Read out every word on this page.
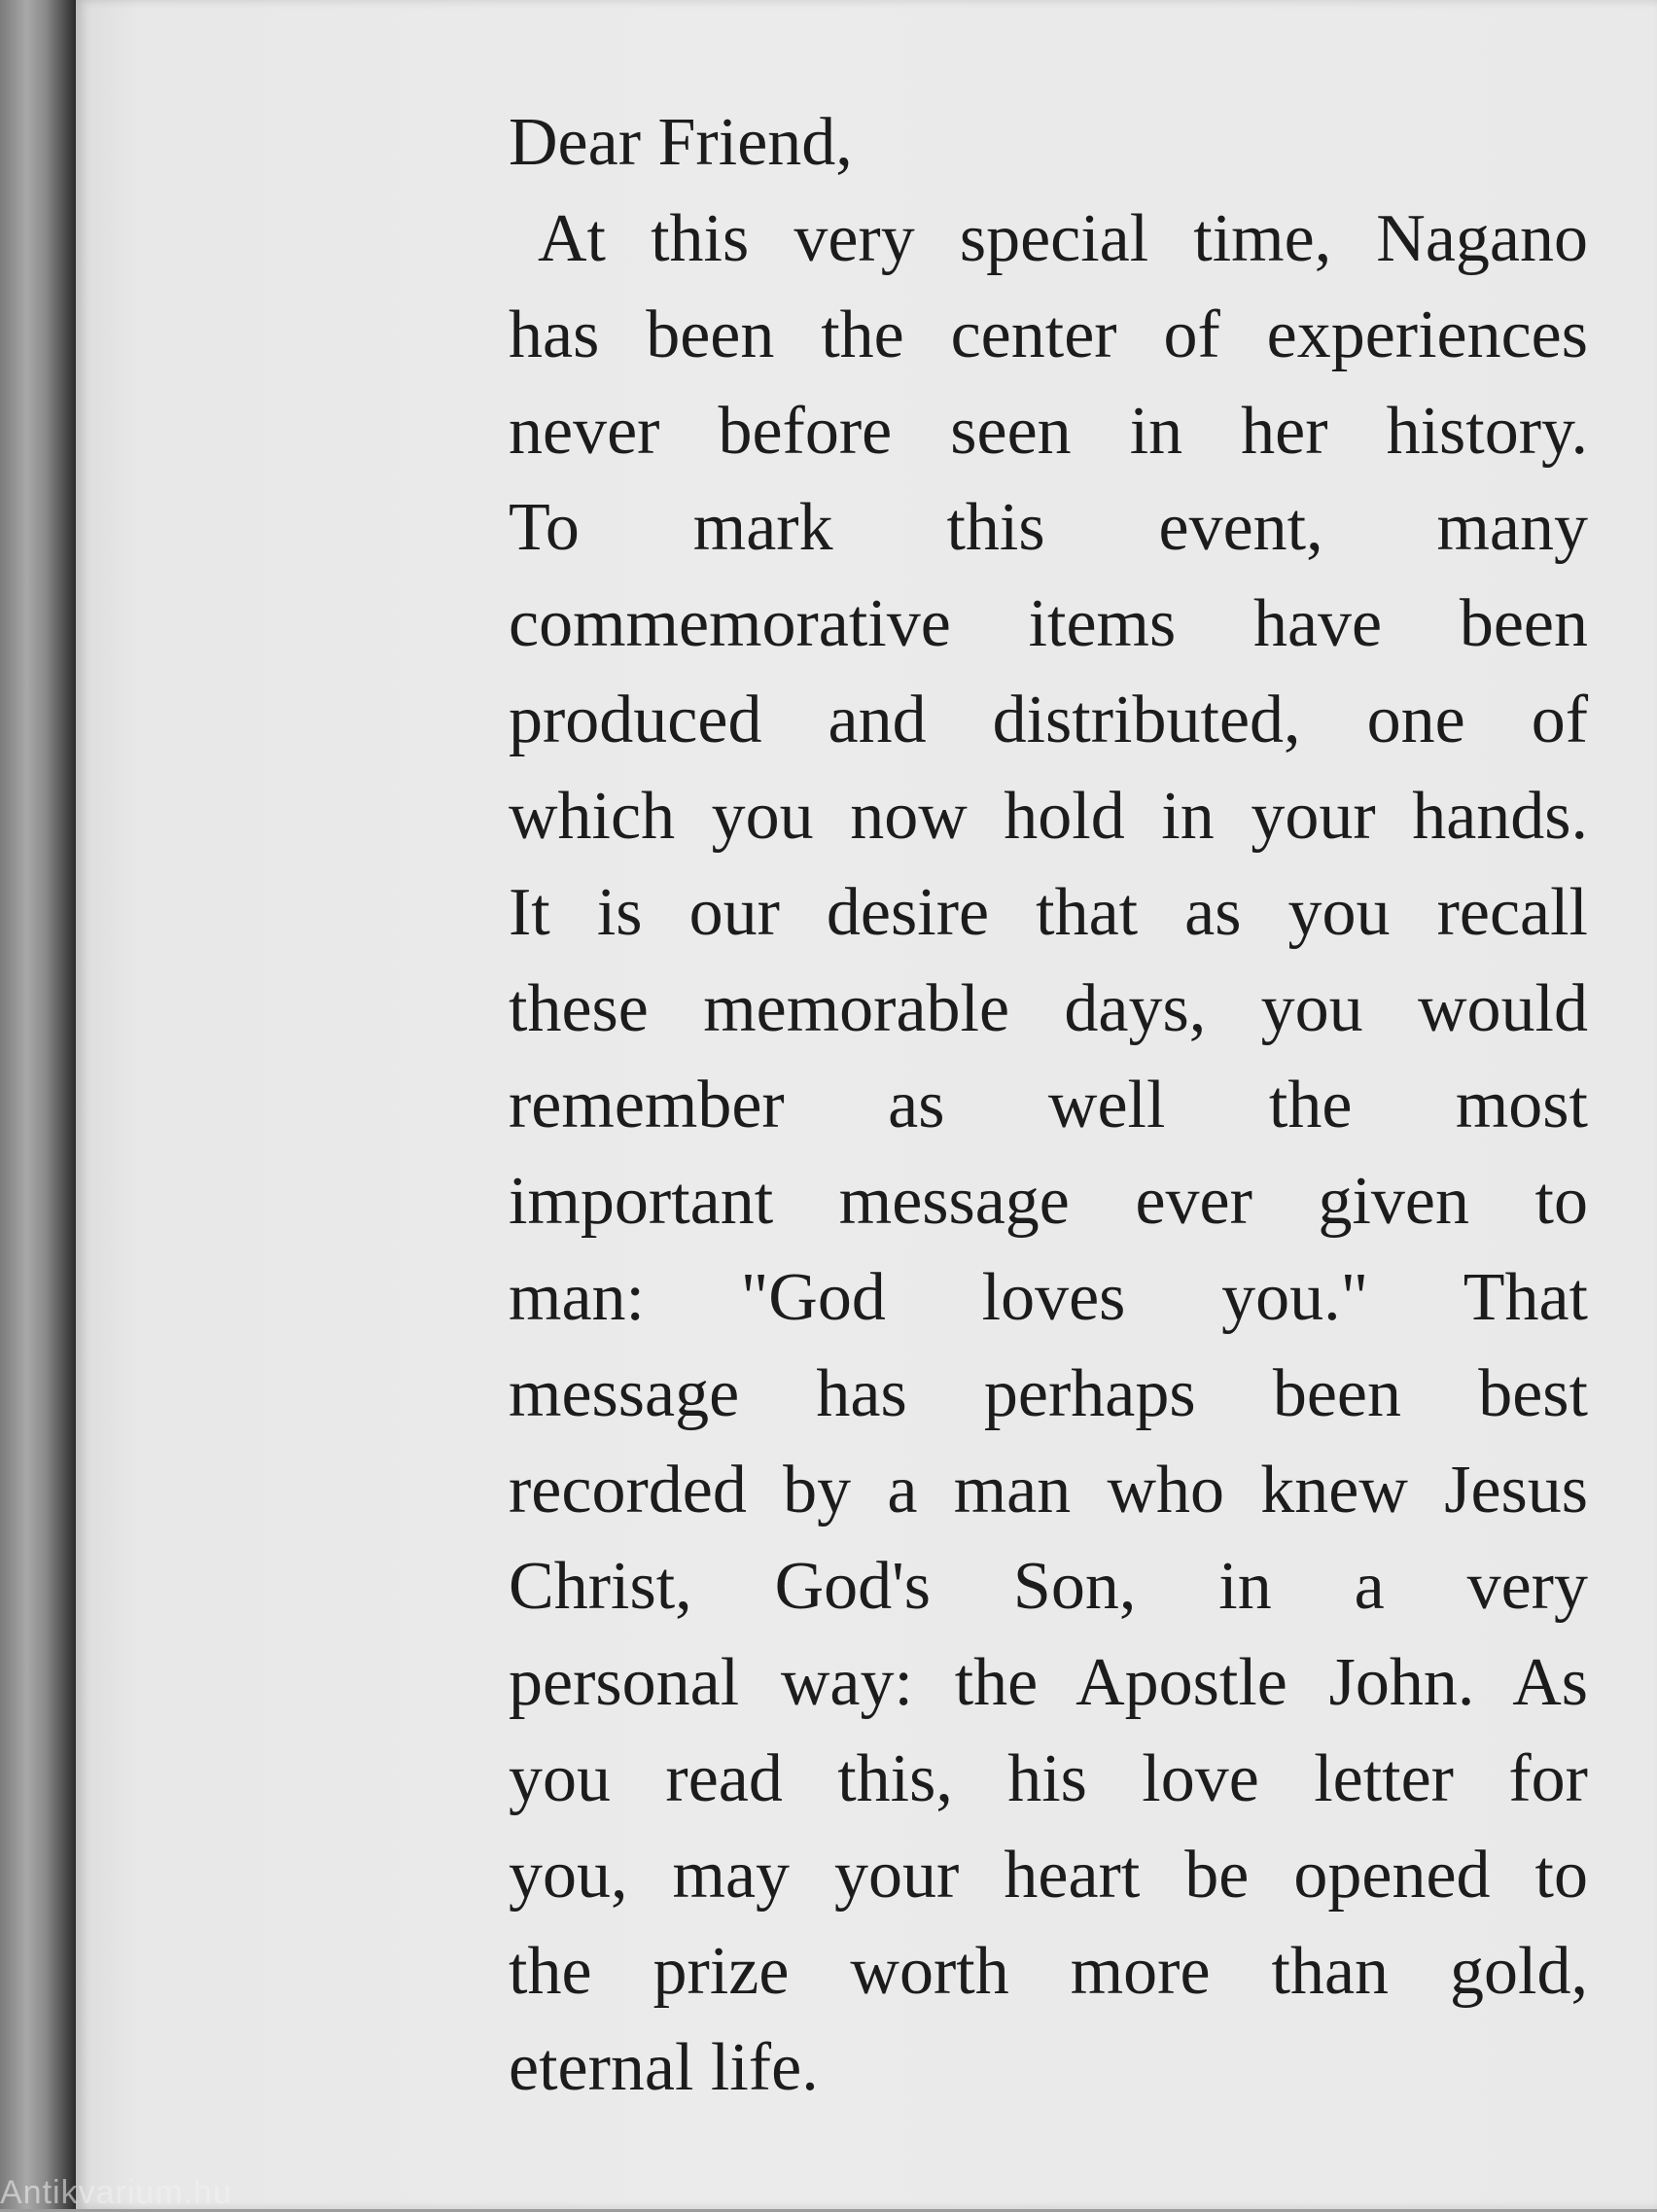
Dear Friend,

At this very special time, Nagano

has been the center of experiences

never before seen in her history.

To mark this event, many

commemorative items have been

produced and distributed, one of

which you now hold in your hands.

It is our desire that as you recall

these memorable days, you would

remember as well the most

important message ever given to

man: "God loves you." That

message has perhaps been best

recorded by a man who knew Jesus

Christ, God's Son, in a very

personal way: the Apostle John. As

you read this, his love letter for

you, may your heart be opened to

the prize worth more than gold,

eternal life.

Antikvarium.hu
